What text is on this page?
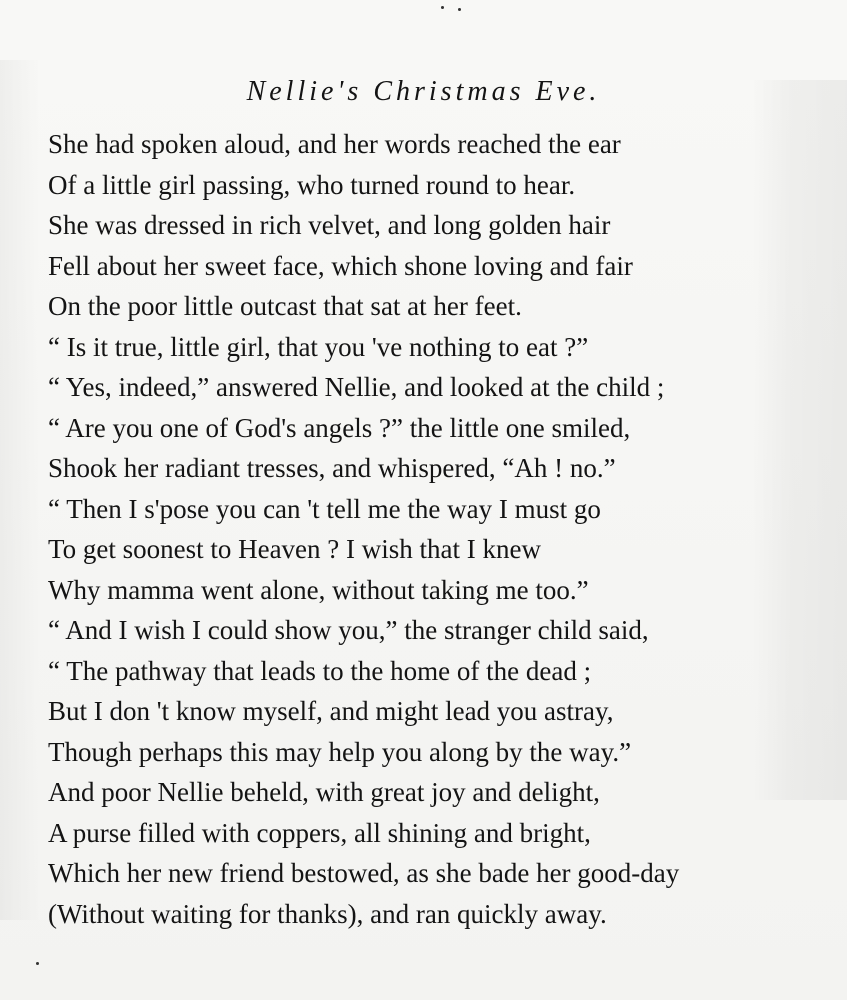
Nellie's Christmas Eve.
She had spoken aloud, and her words reached the ear
Of a little girl passing, who turned round to hear.
She was dressed in rich velvet, and long golden hair
Fell about her sweet face, which shone loving and fair
On the poor little outcast that sat at her feet.
“ Is it true, little girl, that you 've nothing to eat ?”
“ Yes, indeed,” answered Nellie, and looked at the child ;
“ Are you one of God's angels ?” the little one smiled,
Shook her radiant tresses, and whispered, “Ah ! no.”
“ Then I s'pose you can 't tell me the way I must go
To get soonest to Heaven ? I wish that I knew
Why mamma went alone, without taking me too.”
“ And I wish I could show you,” the stranger child said,
“ The pathway that leads to the home of the dead ;
But I don 't know myself, and might lead you astray,
Though perhaps this may help you along by the way.”
And poor Nellie beheld, with great joy and delight,
A purse filled with coppers, all shining and bright,
Which her new friend bestowed, as she bade her good-day
(Without waiting for thanks), and ran quickly away.
